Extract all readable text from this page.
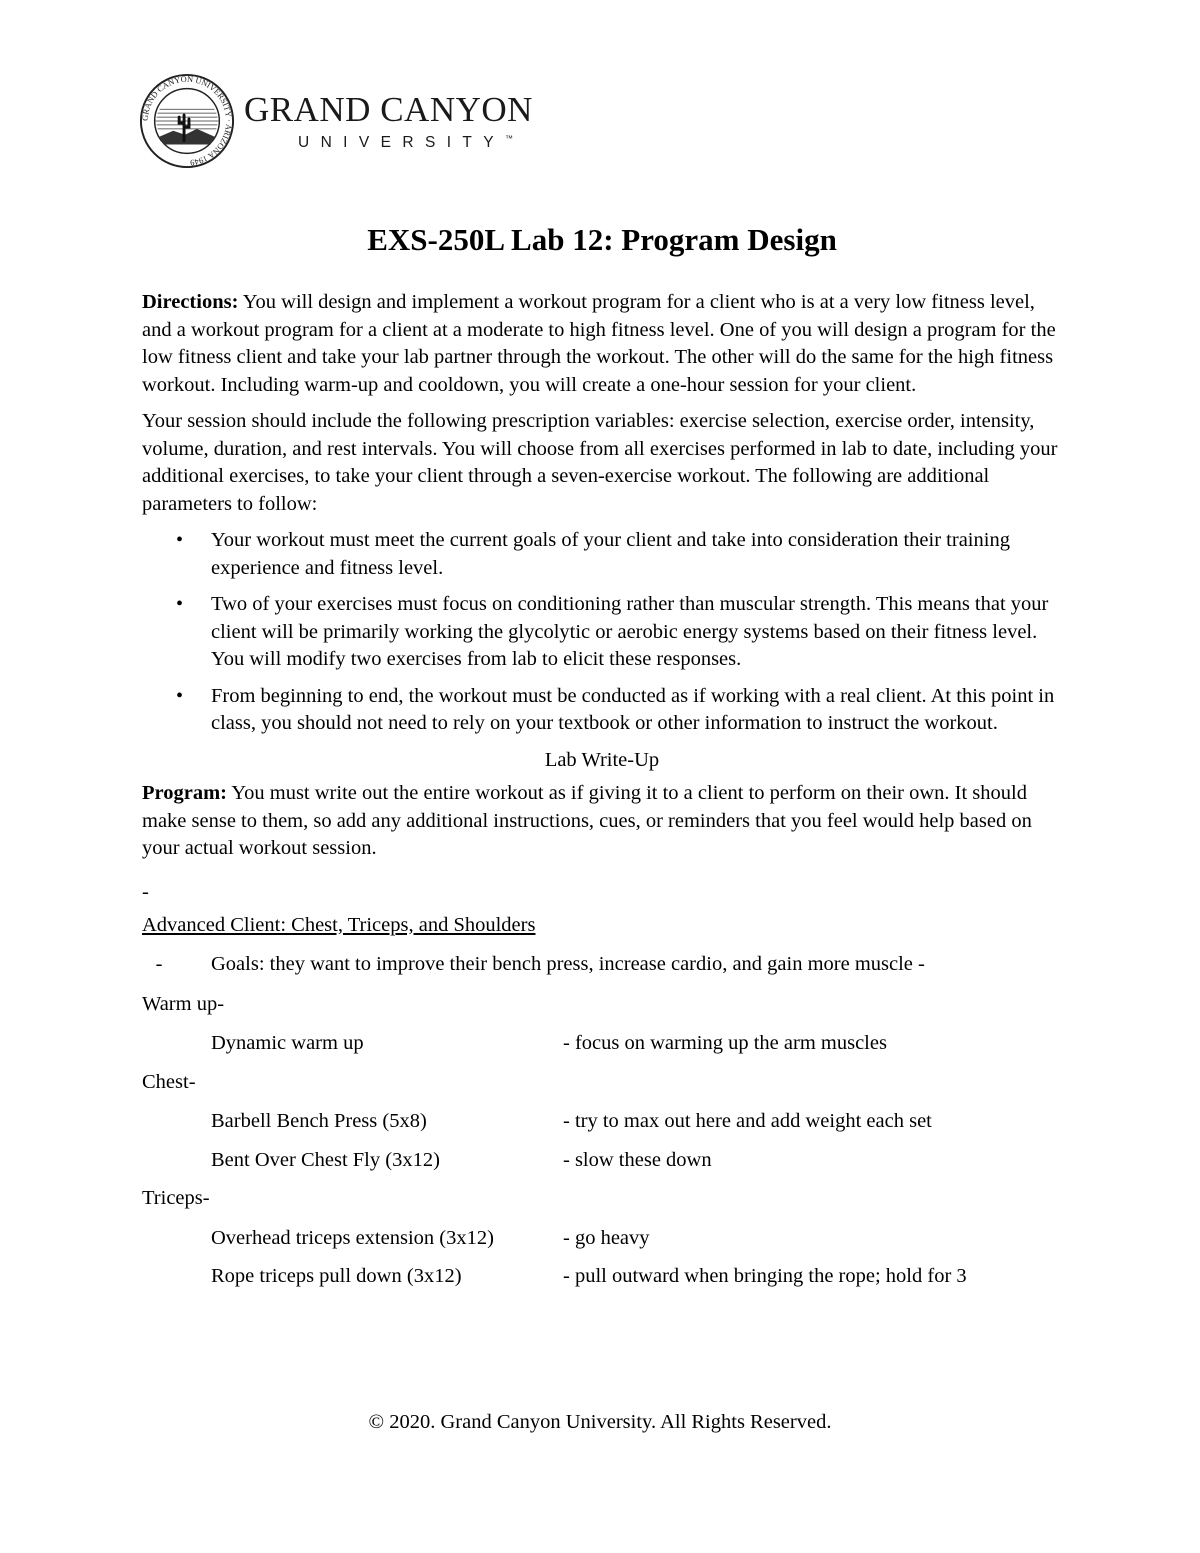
GRAND CANYON UNIVERSITY · ARIZONA 1949
GRAND CANYON
UNIVERSITY™
EXS-250L Lab 12: Program Design

Directions: You will design and implement a workout program for a client who is at a very low fitness level, and a workout program for a client at a moderate to high fitness level. One of you will design a program for the low fitness client and take your lab partner through the workout. The other will do the same for the high fitness workout. Including warm-up and cooldown, you will create a one-hour session for your client.

Your session should include the following prescription variables: exercise selection, exercise order, intensity, volume, duration, and rest intervals. You will choose from all exercises performed in lab to date, including your additional exercises, to take your client through a seven-exercise workout. The following are additional parameters to follow:

• Your workout must meet the current goals of your client and take into consideration their training experience and fitness level.
• Two of your exercises must focus on conditioning rather than muscular strength. This means that your client will be primarily working the glycolytic or aerobic energy systems based on their fitness level. You will modify two exercises from lab to elicit these responses.
• From beginning to end, the workout must be conducted as if working with a real client. At this point in class, you should not need to rely on your textbook or other information to instruct the workout.
Lab Write-Up

Program: You must write out the entire workout as if giving it to a client to perform on their own. It should make sense to them, so add any additional instructions, cues, or reminders that you feel would help based on your actual workout session.

-
Advanced Client: Chest, Triceps, and Shoulders
-	Goals: they want to improve their bench press, increase cardio, and gain more muscle -
Warm up-
Dynamic warm up	- focus on warming up the arm muscles
Chest-
Barbell Bench Press (5x8)	- try to max out here and add weight each set
Bent Over Chest Fly (3x12)	- slow these down
Triceps-
Overhead triceps extension (3x12)	- go heavy
Rope triceps pull down (3x12)	- pull outward when bringing the rope; hold for 3
© 2020. Grand Canyon University. All Rights Reserved.
